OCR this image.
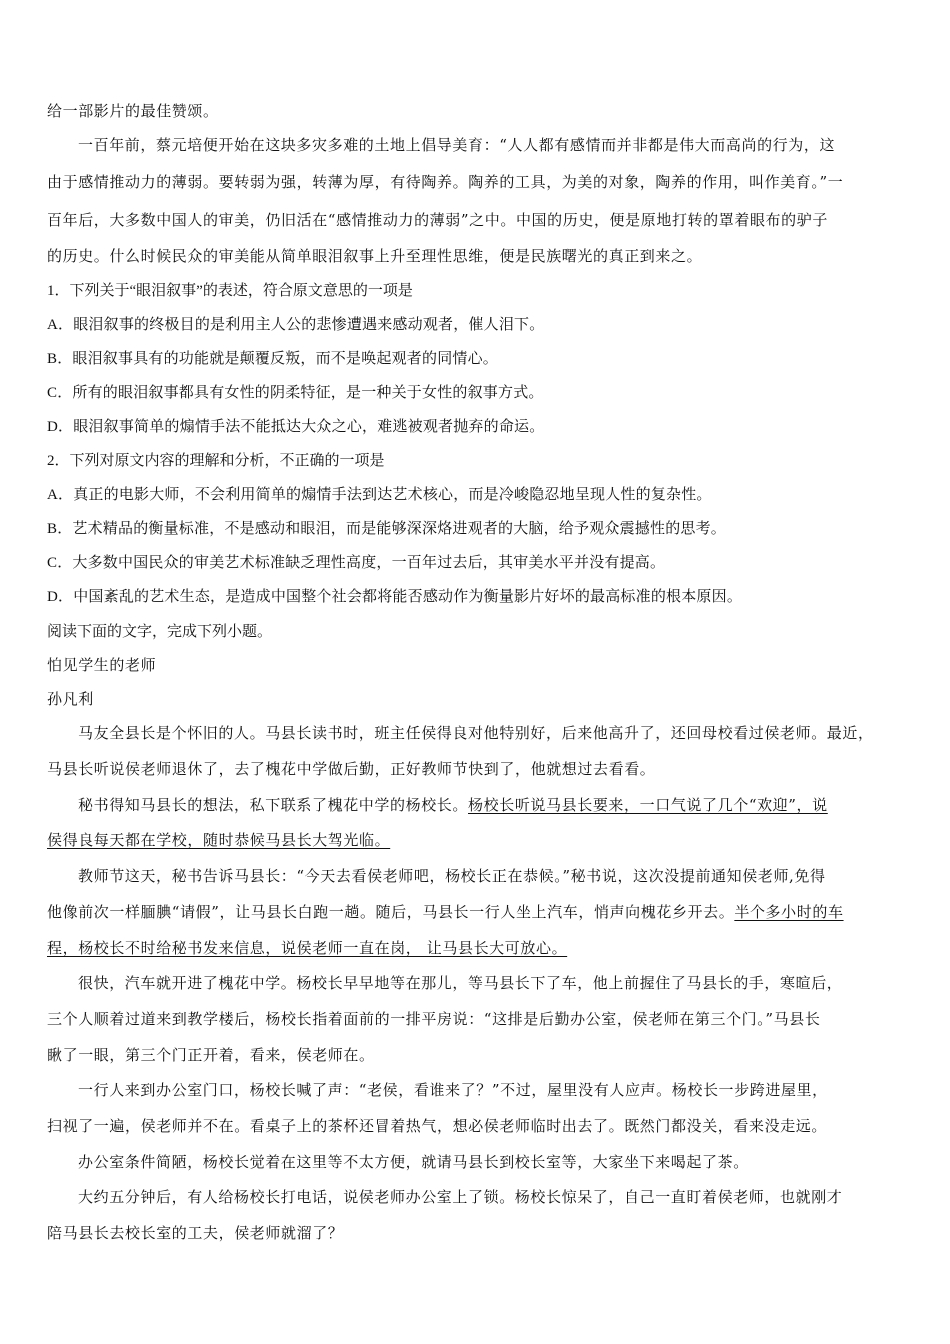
给一部影片的最佳赞颂。
一百年前，蔡元培便开始在这块多灾多难的土地上倡导美育：“人人都有感情而并非都是伟大而高尚的行为，这
由于感情推动力的薄弱。要转弱为强，转薄为厚，有待陶养。陶养的工具，为美的对象，陶养的作用，叫作美育。”一
百年后，大多数中国人的审美，仍旧活在“感情推动力的薄弱”之中。中国的历史，便是原地打转的罩着眼布的驴子
的历史。什么时候民众的审美能从简单眼泪叙事上升至理性思维，便是民族曙光的真正到来之。
1．下列关于“眼泪叙事”的表述，符合原文意思的一项是
A．眼泪叙事的终极目的是利用主人公的悲惨遭遇来感动观者，催人泪下。
B．眼泪叙事具有的功能就是颠覆反叛，而不是唤起观者的同情心。
C．所有的眼泪叙事都具有女性的阴柔特征，是一种关于女性的叙事方式。
D．眼泪叙事简单的煽情手法不能抵达大众之心，难逃被观者抛弃的命运。
2．下列对原文内容的理解和分析，不正确的一项是
A．真正的电影大师，不会利用简单的煽情手法到达艺术核心，而是冷峻隐忍地呈现人性的复杂性。
B．艺术精品的衡量标准，不是感动和眼泪，而是能够深深烙进观者的大脑，给予观众震撼性的思考。
C．大多数中国民众的审美艺术标准缺乏理性高度，一百年过去后，其审美水平并没有提高。
D．中国紊乱的艺术生态，是造成中国整个社会都将能否感动作为衡量影片好坏的最高标准的根本原因。
阅读下面的文字，完成下列小题。
怕见学生的老师
孙凡利
马友全县长是个怀旧的人。马县长读书时，班主任侯得良对他特别好，后来他高升了，还回母校看过侯老师。最近，
马县长听说侯老师退休了，去了槐花中学做后勤，正好教师节快到了，他就想过去看看。
秘书得知马县长的想法，私下联系了槐花中学的杨校长。杨校长听说马县长要来，一口气说了几个“欢迎”，说
侯得良每天都在学校，随时恭候马县长大驾光临。
教师节这天，秘书告诉马县长：“今天去看侯老师吧，杨校长正在恭候。”秘书说，这次没提前通知侯老师,免得
他像前次一样腼腆“请假”，让马县长白跑一趟。随后，马县长一行人坐上汽车，悄声向槐花乡开去。半个多小时的车
程，杨校长不时给秘书发来信息，说侯老师一直在岗， 让马县长大可放心。
很快，汽车就开进了槐花中学。杨校长早早地等在那儿，等马县长下了车，他上前握住了马县长的手，寒暄后，
三个人顺着过道来到教学楼后，杨校长指着面前的一排平房说：“这排是后勤办公室，侯老师在第三个门。”马县长
瞅了一眼，第三个门正开着，看来，侯老师在。
一行人来到办公室门口，杨校长喊了声：“老侯，看谁来了？”不过，屋里没有人应声。杨校长一步跨进屋里，
扫视了一遍，侯老师并不在。看桌子上的茶杯还冒着热气，想必侯老师临时出去了。既然门都没关，看来没走远。
办公室条件简陋，杨校长觉着在这里等不太方便，就请马县长到校长室等，大家坐下来喝起了茶。
大约五分钟后，有人给杨校长打电话，说侯老师办公室上了锁。杨校长惊呆了，自己一直盯着侯老师，也就刚才
陪马县长去校长室的工夫，侯老师就溜了？
